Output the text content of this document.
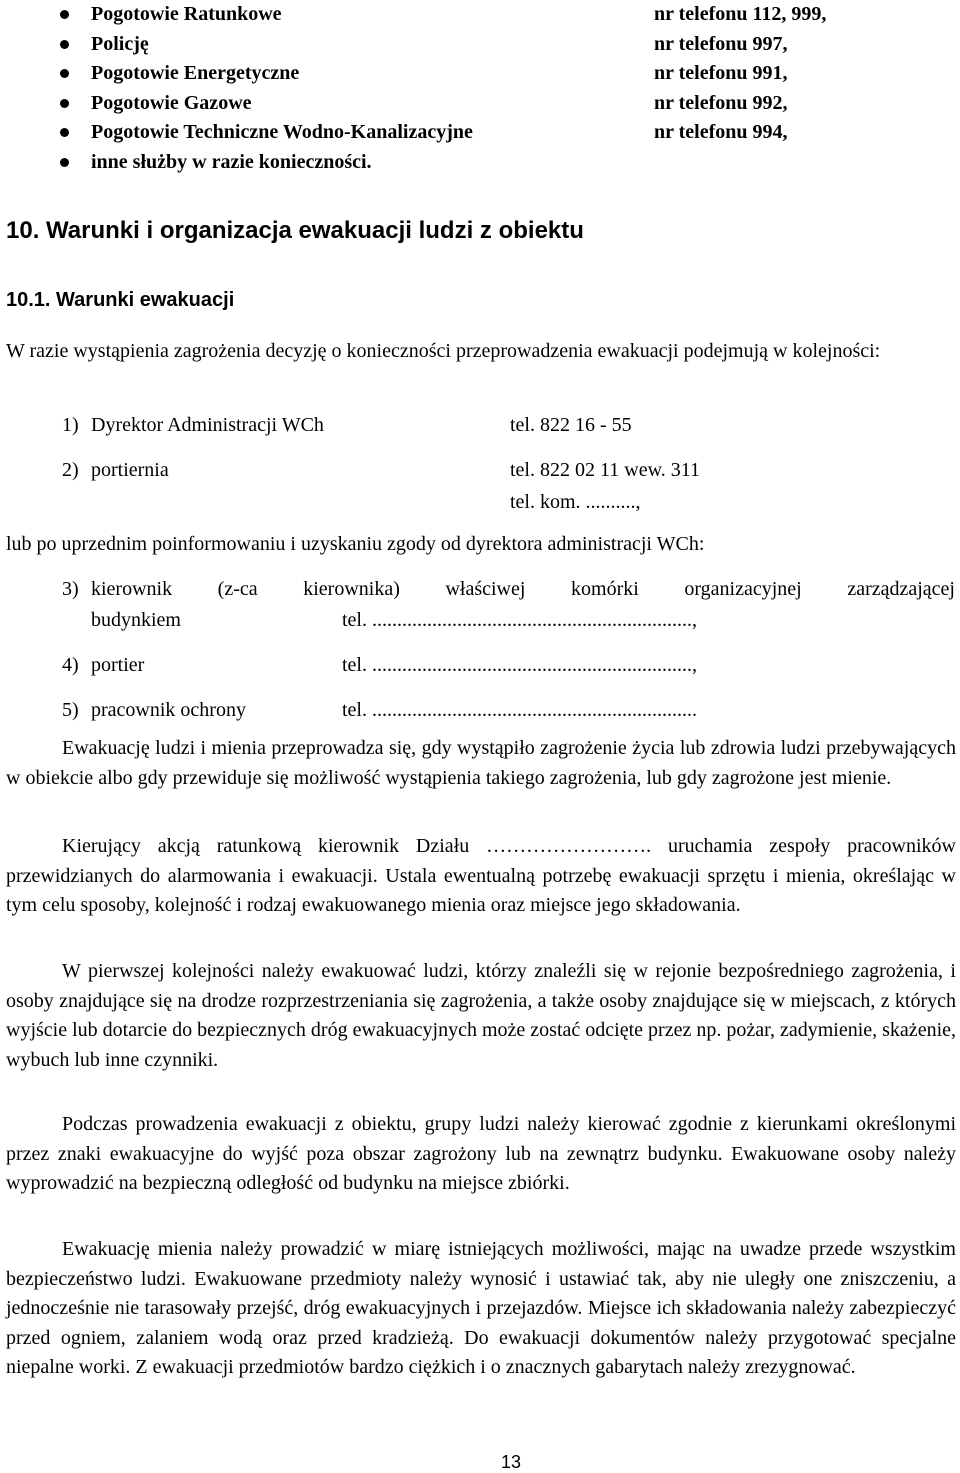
Pogotowie Ratunkowe	nr telefonu 112, 999,
Policję	nr telefonu 997,
Pogotowie Energetyczne	nr telefonu 991,
Pogotowie Gazowe	nr telefonu 992,
Pogotowie Techniczne Wodno-Kanalizacyjne	nr telefonu 994,
inne służby w razie konieczności.
10. Warunki i organizacja ewakuacji ludzi z obiektu
10.1. Warunki ewakuacji

W razie wystąpienia zagrożenia decyzję o konieczności przeprowadzenia ewakuacji podejmują w kolejności:

1) Dyrektor Administracji WCh	tel. 822 16 - 55
2) portiernia	tel. 822 02 11 wew. 311
tel. kom. ..........,
lub po uprzednim poinformowaniu i uzyskaniu zgody od dyrektora administracji WCh:
3) kierownik (z-ca kierownika) właściwej komórki organizacyjnej zarządzającej
budynkiem	tel. ................................................................,
4) portier	tel. ................................................................,
5) pracownik ochrony	tel. .................................................................

Ewakuację ludzi i mienia przeprowadza się, gdy wystąpiło zagrożenie życia lub zdrowia ludzi przebywających w obiekcie albo gdy przewiduje się możliwość wystąpienia takiego zagrożenia, lub gdy zagrożone jest mienie.

Kierujący akcją ratunkową kierownik Działu ……………………. uruchamia zespoły pracowników przewidzianych do alarmowania i ewakuacji. Ustala ewentualną potrzebę ewakuacji sprzętu i mienia, określając w tym celu sposoby, kolejność i rodzaj ewakuowanego mienia oraz miejsce jego składowania.

W pierwszej kolejności należy ewakuować ludzi, którzy znaleźli się w rejonie bezpośredniego zagrożenia, i osoby znajdujące się na drodze rozprzestrzeniania się zagrożenia, a także osoby znajdujące się w miejscach, z których wyjście lub dotarcie do bezpiecznych dróg ewakuacyjnych może zostać odcięte przez np. pożar, zadymienie, skażenie, wybuch lub inne czynniki.

Podczas prowadzenia ewakuacji z obiektu, grupy ludzi należy kierować zgodnie z kierunkami określonymi przez znaki ewakuacyjne do wyjść poza obszar zagrożony lub na zewnątrz budynku. Ewakuowane osoby należy wyprowadzić na bezpieczną odległość od budynku na miejsce zbiórki.

Ewakuację mienia należy prowadzić w miarę istniejących możliwości, mając na uwadze przede wszystkim bezpieczeństwo ludzi. Ewakuowane przedmioty należy wynosić i ustawiać tak, aby nie uległy one zniszczeniu, a jednocześnie nie tarasowały przejść, dróg ewakuacyjnych i przejazdów. Miejsce ich składowania należy zabezpieczyć przed ogniem, zalaniem wodą oraz przed kradzieżą. Do ewakuacji dokumentów należy przygotować specjalne niepalne worki. Z ewakuacji przedmiotów bardzo ciężkich i o znacznych gabarytach należy zrezygnować.

13
